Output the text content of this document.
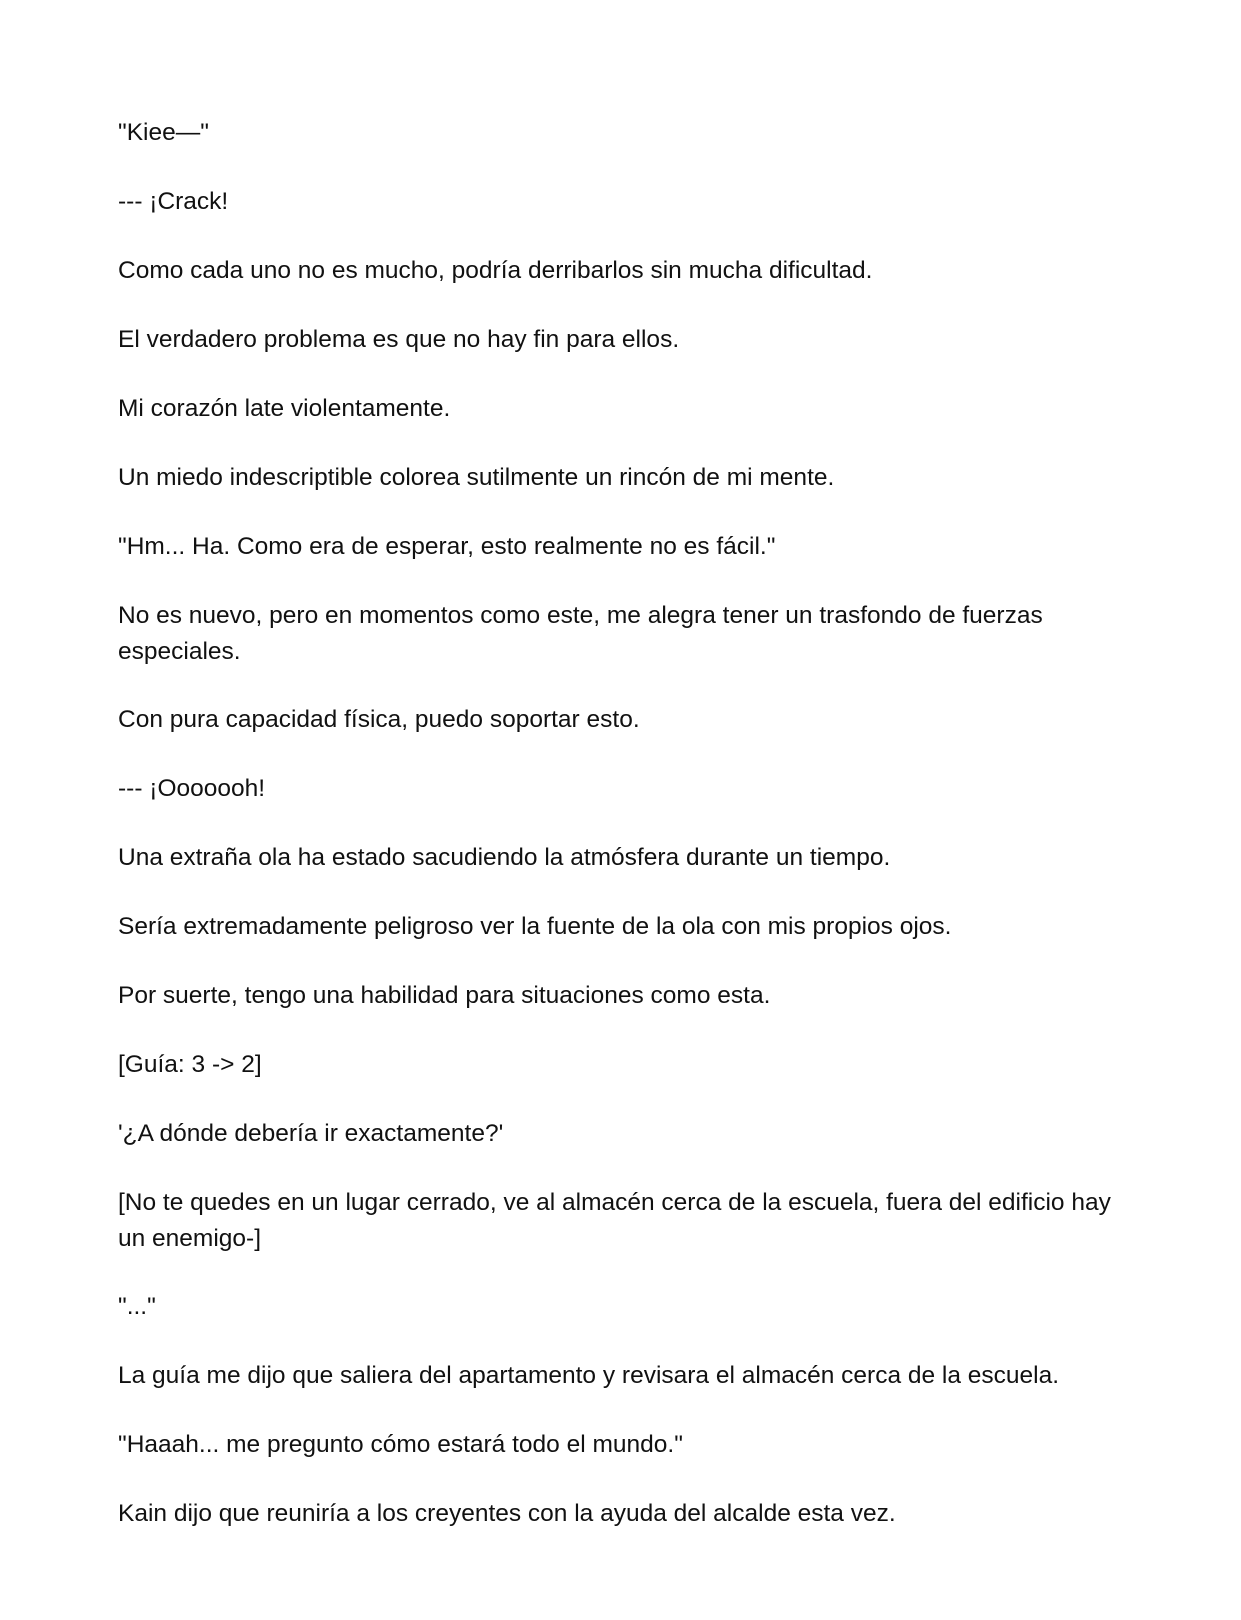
"Kiee—"

--- ¡Crack!

Como cada uno no es mucho, podría derribarlos sin mucha dificultad.

El verdadero problema es que no hay fin para ellos.

Mi corazón late violentamente.

Un miedo indescriptible colorea sutilmente un rincón de mi mente.

"Hm... Ha. Como era de esperar, esto realmente no es fácil."

No es nuevo, pero en momentos como este, me alegra tener un trasfondo de fuerzas especiales.

Con pura capacidad física, puedo soportar esto.

--- ¡Ooooooh!

Una extraña ola ha estado sacudiendo la atmósfera durante un tiempo.

Sería extremadamente peligroso ver la fuente de la ola con mis propios ojos.

Por suerte, tengo una habilidad para situaciones como esta.

[Guía: 3 -> 2]

'¿A dónde debería ir exactamente?'

[No te quedes en un lugar cerrado, ve al almacén cerca de la escuela, fuera del edificio hay un enemigo-]

"..."

La guía me dijo que saliera del apartamento y revisara el almacén cerca de la escuela.

"Haaah... me pregunto cómo estará todo el mundo."

Kain dijo que reuniría a los creyentes con la ayuda del alcalde esta vez.
